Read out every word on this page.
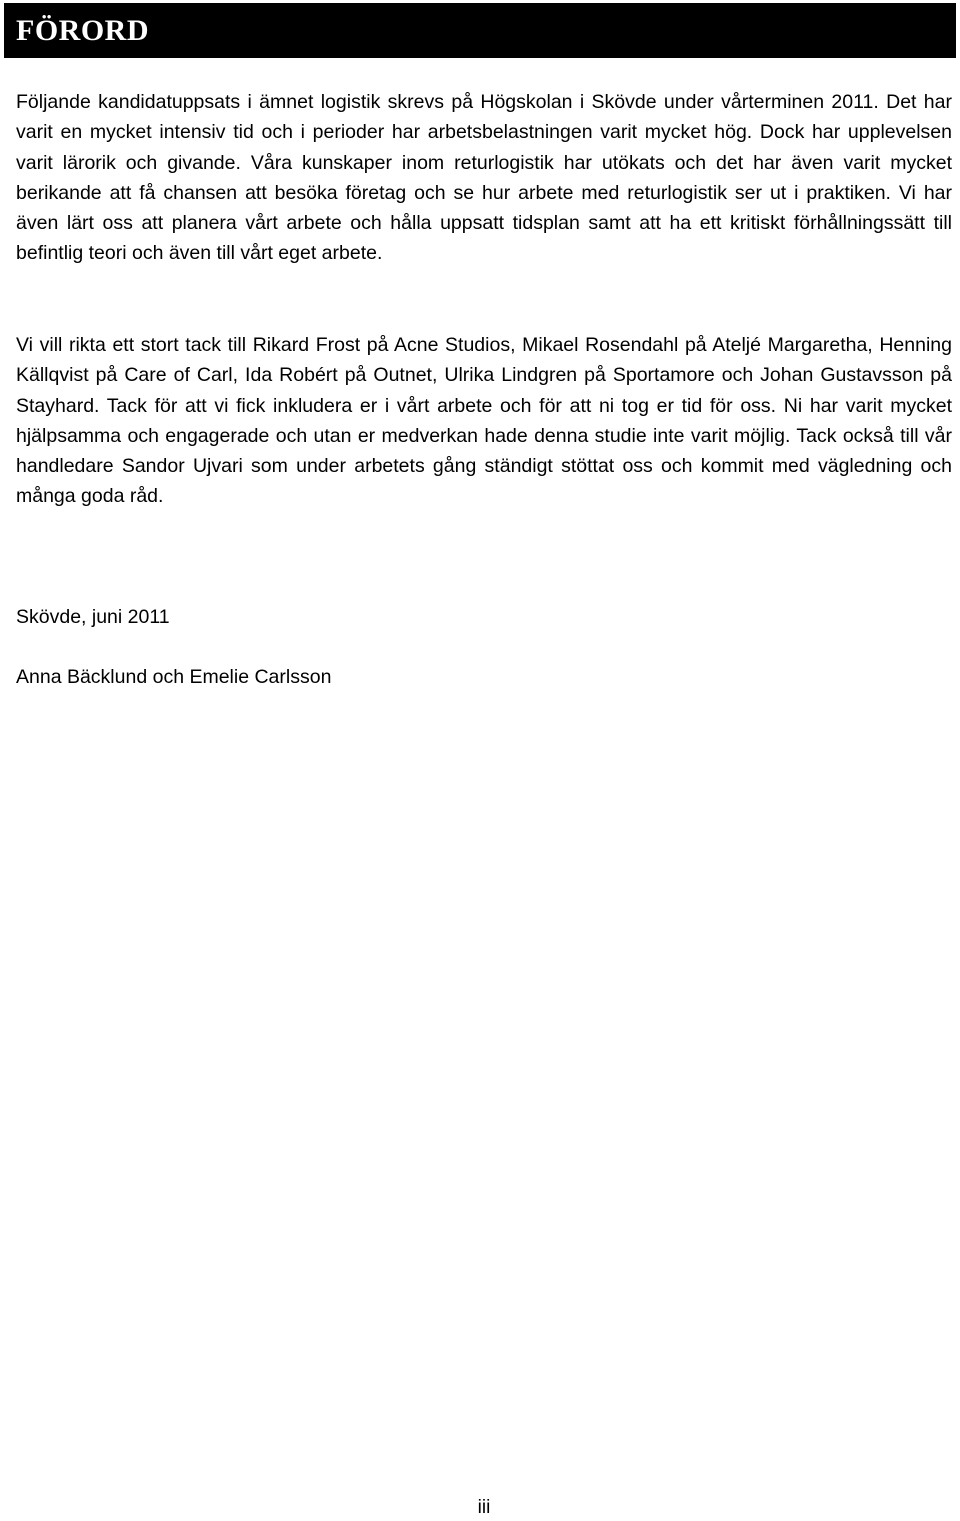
FÖRORD

Följande kandidatuppsats i ämnet logistik skrevs på Högskolan i Skövde under vårterminen 2011. Det har varit en mycket intensiv tid och i perioder har arbetsbelastningen varit mycket hög. Dock har upplevelsen varit lärorik och givande. Våra kunskaper inom returlogistik har utökats och det har även varit mycket berikande att få chansen att besöka företag och se hur arbete med returlogistik ser ut i praktiken. Vi har även lärt oss att planera vårt arbete och hålla uppsatt tidsplan samt att ha ett kritiskt förhållningssätt till befintlig teori och även till vårt eget arbete.

Vi vill rikta ett stort tack till Rikard Frost på Acne Studios, Mikael Rosendahl på Ateljé Margaretha, Henning Källqvist på Care of Carl, Ida Robért på Outnet, Ulrika Lindgren på Sportamore och Johan Gustavsson på Stayhard. Tack för att vi fick inkludera er i vårt arbete och för att ni tog er tid för oss. Ni har varit mycket hjälpsamma och engagerade och utan er medverkan hade denna studie inte varit möjlig. Tack också till vår handledare Sandor Ujvari som under arbetets gång ständigt stöttat oss och kommit med vägledning och många goda råd.

Skövde, juni 2011

Anna Bäcklund och Emelie Carlsson

iii
